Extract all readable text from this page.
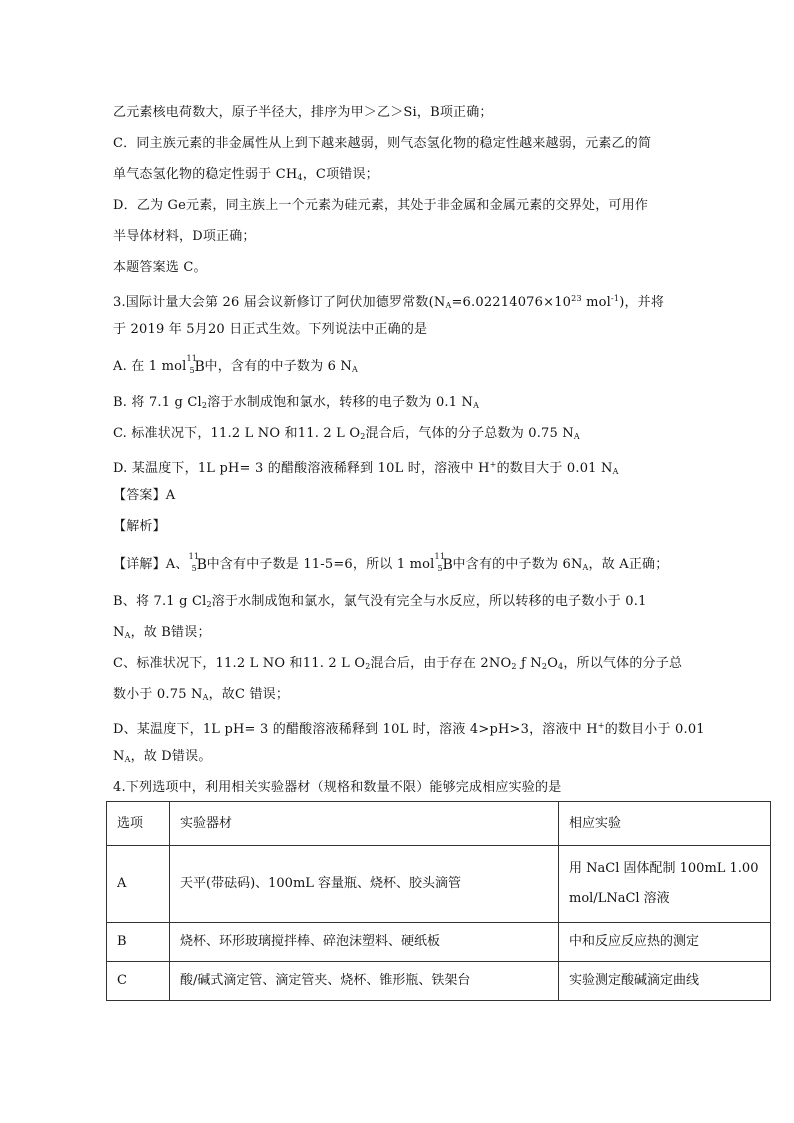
乙元素核电荷数大，原子半径大，排序为甲＞乙＞Si，B项正确；
C．同主族元素的非金属性从上到下越来越弱，则气态氢化物的稳定性越来越弱，元素乙的简
单气态氢化物的稳定性弱于 $CH_4$，C项错误；
D．乙为 Ge元素，同主族上一个元素为硅元素，其处于非金属和金属元素的交界处，可用作
半导体材料，D项正确；
本题答案选 C。
3.国际计量大会第 26 届会议新修订了阿伏加德罗常数($N_A=6.02214076\times 10^{23}$ mol$^{-1}$)，并将
于 2019 年 5月20 日正式生效。下列说法中正确的是
A. 在 1 mol
11
5 B 中，含有的中子数为 6 $N_A$
B. 将 7.1 g $Cl_2$溶于水制成饱和氯水，转移的电子数为 0.1 $N_A$
C. 标准状况下，11.2 L NO 和11. 2 L $O_2$混合后，气体的分子总数为 0.75 $N_A$
D. 某温度下，1L pH= 3 的醋酸溶液稀释到 10L 时，溶液中 H+的数目大于 0.01 $N_A$
【答案】A
【解析】
【详解】A、
11
5 B 中含有中子数是 11-5=6，所以 1 mol
11
5 B 中含有的中子数为 $6N_A$，故 A正确；
B、将 7.1 g $Cl_2$溶于水制成饱和氯水，氯气没有完全与水反应，所以转移的电子数小于 0.1
$N_A$，故 B错误；
C、标准状况下，11.2 L NO 和11. 2 L $O_2$混合后，由于存在 $2NO_2$ ƒ $N_2O_4$，所以气体的分子总
数小于 0.75 $N_A$，故C 错误；
D、某温度下，1L pH= 3 的醋酸溶液稀释到 10L 时，溶液 4>pH>3，溶液中 H+的数目小于 0.01
$N_A$，故 D错误。
4.下列选项中，利用相关实验器材（规格和数量不限）能够完成相应实验的是
选项	实验器材	相应实验
A	天平(带砝码)、100mL 容量瓶、烧杯、胶头滴管	用 NaCl 固体配制 100mL 1.00
mol/LNaCl 溶液

B	烧杯、环形玻璃搅拌棒、碎泡沫塑料、硬纸板	中和反应反应热的测定
C	酸/碱式滴定管、滴定管夹、烧杯、锥形瓶、铁架台	实验测定酸碱滴定曲线
